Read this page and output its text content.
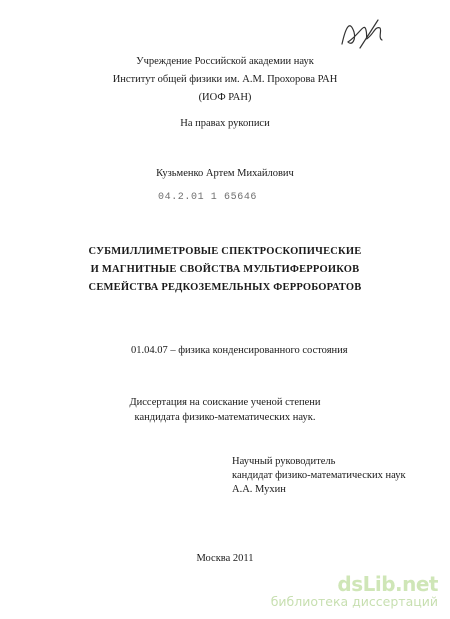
Учреждение Российской академии наук
Институт общей физики им. А.М. Прохорова РАН
(ИОФ РАН)
На правах рукописи
Кузьменко Артем Михайлович
04.2.01 1 65646
СУБМИЛЛИМЕТРОВЫЕ СПЕКТРОСКОПИЧЕСКИЕ
И МАГНИТНЫЕ СВОЙСТВА МУЛЬТИФЕРРОИКОВ
СЕМЕЙСТВА РЕДКОЗЕМЕЛЬНЫХ ФЕРРОБОРАТОВ
01.04.07 – физика конденсированного состояния
Диссертация на соискание ученой степени
кандидата физико-математических наук.
Научный руководитель
кандидат физико-математических наук
А.А. Мухин
Москва 2011
dsLib.net
библиотека диссертаций
